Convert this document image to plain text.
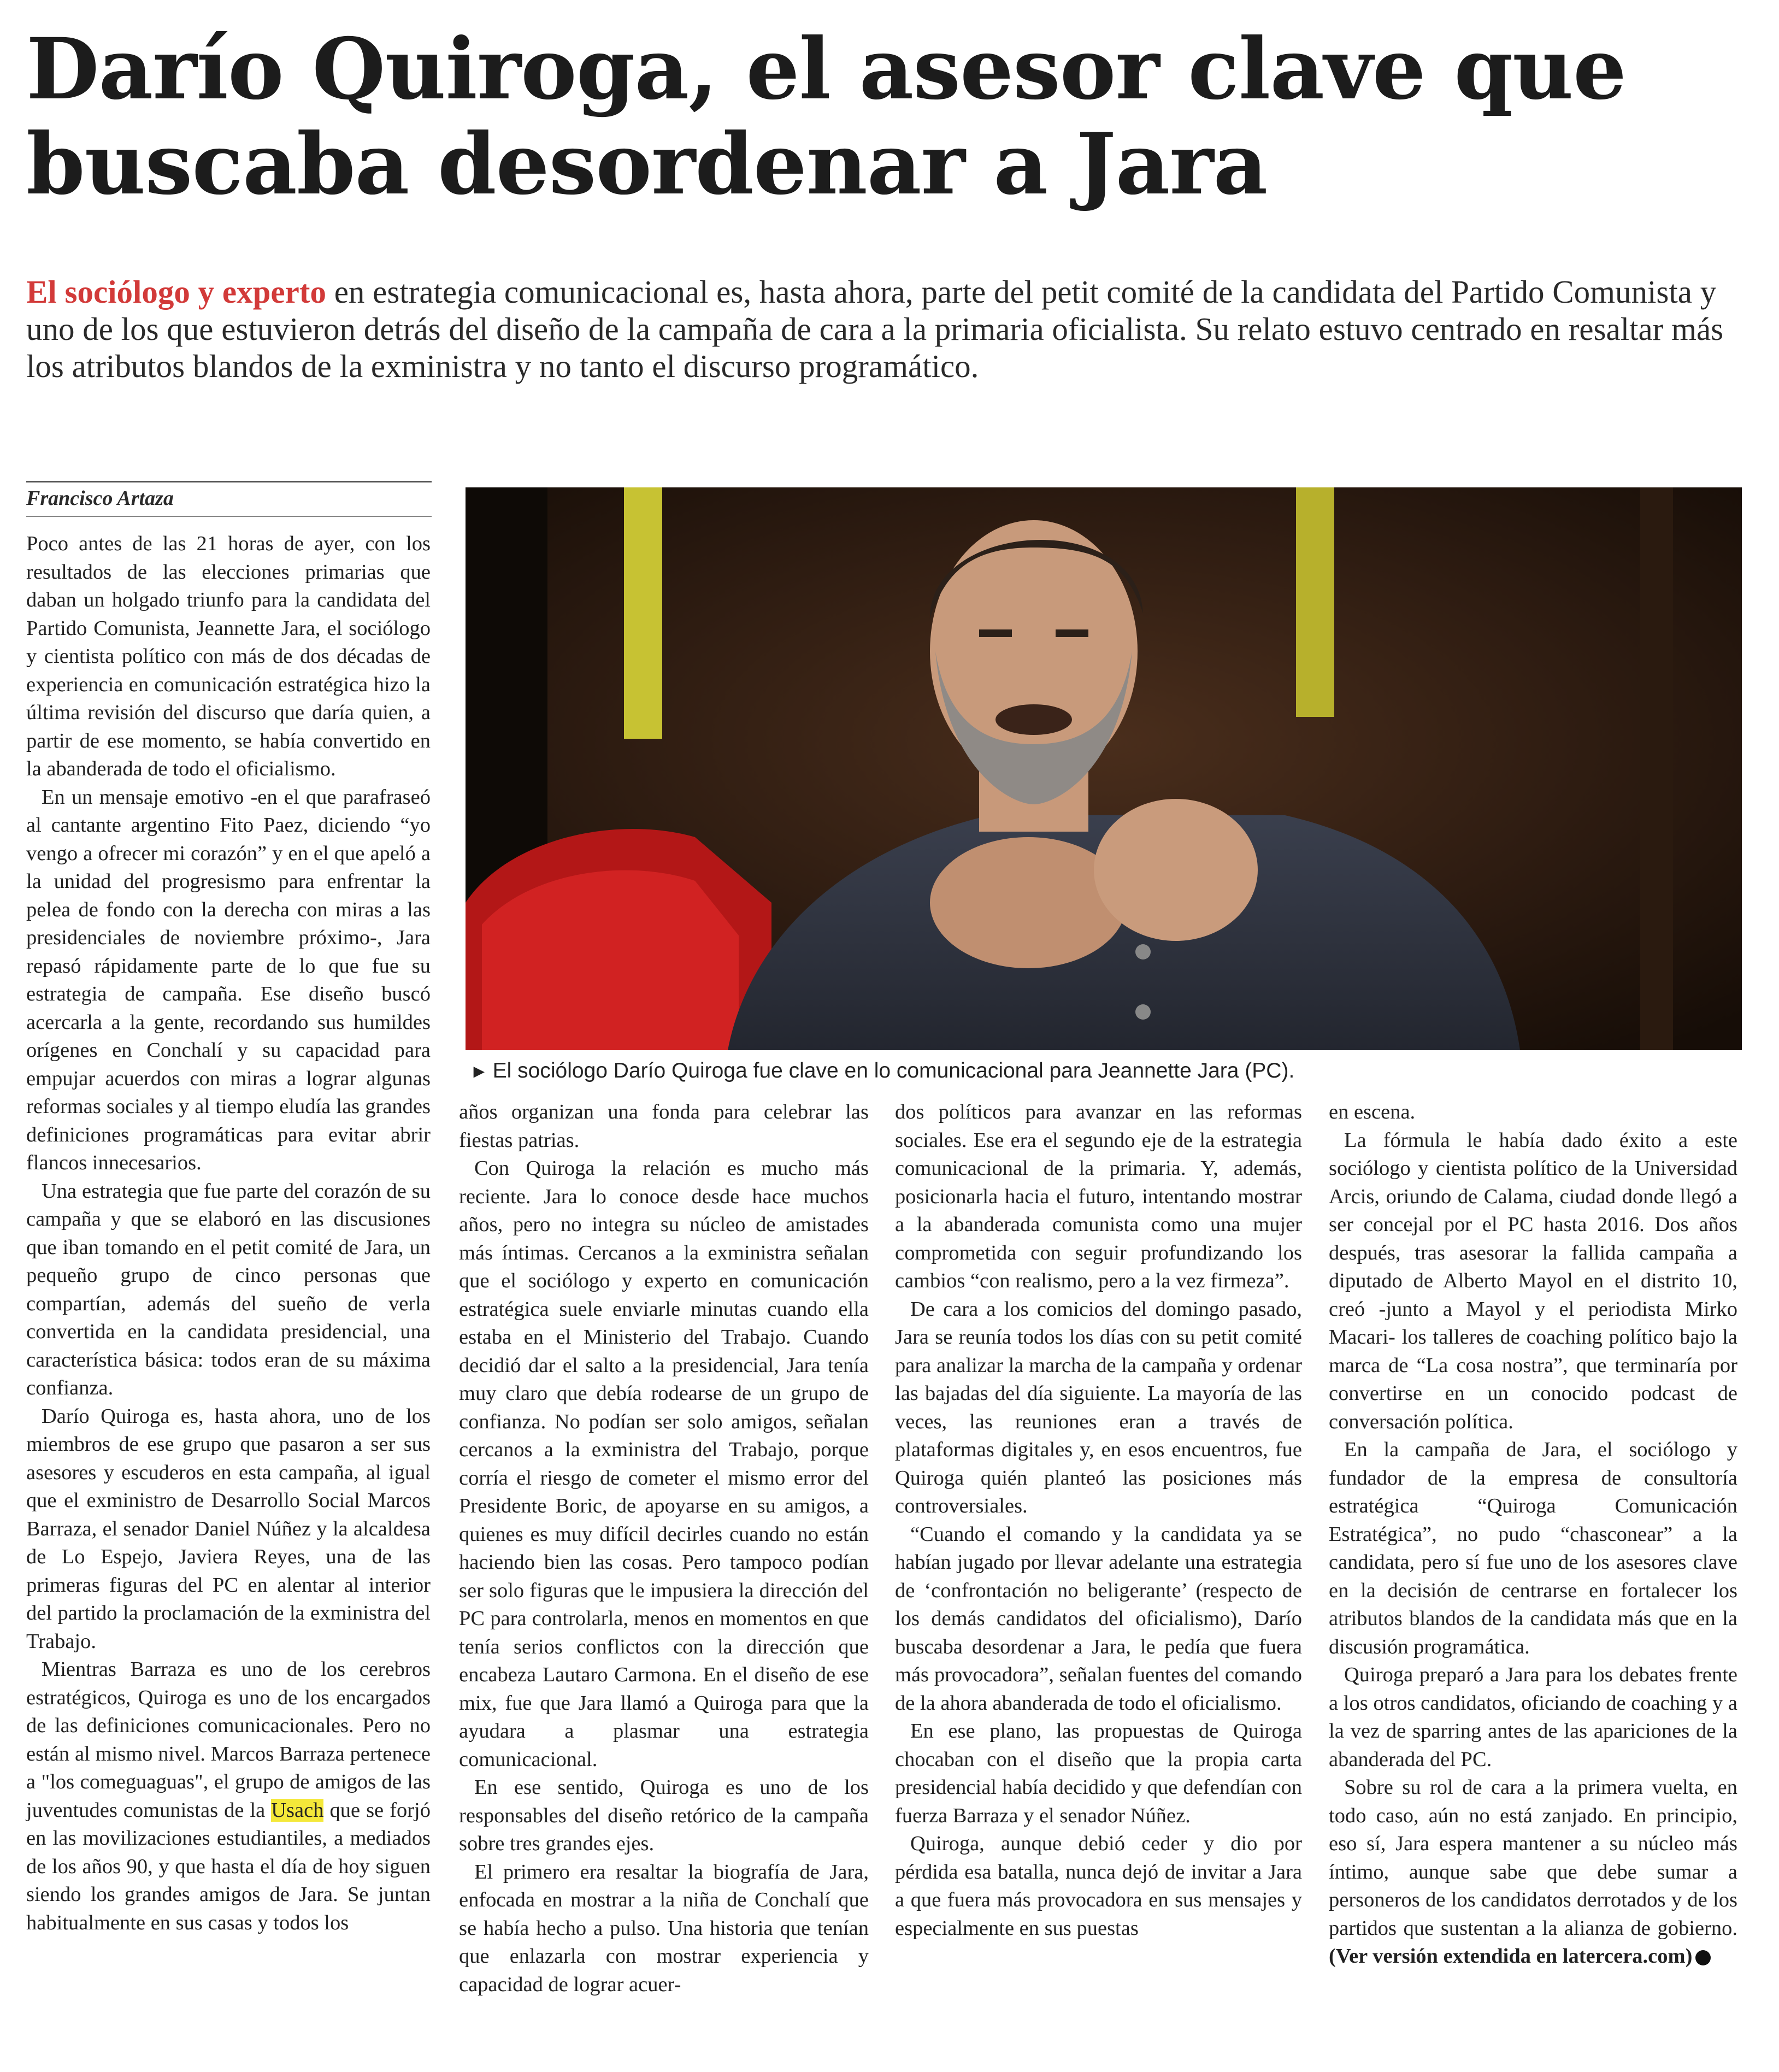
Darío Quiroga, el asesor clave que buscaba desordenar a Jara

El sociólogo y experto en estrategia comunicacional es, hasta ahora, parte del petit comité de la candidata del Partido Comunista y uno de los que estuvieron detrás del diseño de la campaña de cara a la primaria oficialista. Su relato estuvo centrado en resaltar más los atributos blandos de la exministra y no tanto el discurso programático.

Francisco Artaza
► El sociólogo Darío Quiroga fue clave en lo comunicacional para Jeannette Jara (PC).

Poco antes de las 21 horas de ayer, con los resultados de las elecciones primarias que daban un holgado triunfo para la candidata del Partido Comunista, Jeannette Jara, el sociólogo y cientista político con más de dos décadas de experiencia en comunicación estratégica hizo la última revisión del discurso que daría quien, a partir de ese momento, se había convertido en la abanderada de todo el oficialismo.

En un mensaje emotivo -en el que parafraseó al cantante argentino Fito Paez, diciendo “yo vengo a ofrecer mi corazón” y en el que apeló a la unidad del progresismo para enfrentar la pelea de fondo con la derecha con miras a las presidenciales de noviembre próximo-, Jara repasó rápidamente parte de lo que fue su estrategia de campaña. Ese diseño buscó acercarla a la gente, recordando sus humildes orígenes en Conchalí y su capacidad para empujar acuerdos con miras a lograr algunas reformas sociales y al tiempo eludía las grandes definiciones programáticas para evitar abrir flancos innecesarios.

Una estrategia que fue parte del corazón de su campaña y que se elaboró en las discusiones que iban tomando en el petit comité de Jara, un pequeño grupo de cinco personas que compartían, además del sueño de verla convertida en la candidata presidencial, una característica básica: todos eran de su máxima confianza.

Darío Quiroga es, hasta ahora, uno de los miembros de ese grupo que pasaron a ser sus asesores y escuderos en esta campaña, al igual que el exministro de Desarrollo Social Marcos Barraza, el senador Daniel Núñez y la alcaldesa de Lo Espejo, Javiera Reyes, una de las primeras figuras del PC en alentar al interior del partido la proclamación de la exministra del Trabajo.

Mientras Barraza es uno de los cerebros estratégicos, Quiroga es uno de los encargados de las definiciones comunicacionales. Pero no están al mismo nivel. Marcos Barraza pertenece a "los comeguaguas", el grupo de amigos de las juventudes comunistas de la Usach que se forjó en las movilizaciones estudiantiles, a mediados de los años 90, y que hasta el día de hoy siguen siendo los grandes amigos de Jara. Se juntan habitualmente en sus casas y todos los

años organizan una fonda para celebrar las fiestas patrias.

Con Quiroga la relación es mucho más reciente. Jara lo conoce desde hace muchos años, pero no integra su núcleo de amistades más íntimas. Cercanos a la exministra señalan que el sociólogo y experto en comunicación estratégica suele enviarle minutas cuando ella estaba en el Ministerio del Trabajo. Cuando decidió dar el salto a la presidencial, Jara tenía muy claro que debía rodearse de un grupo de confianza. No podían ser solo amigos, señalan cercanos a la exministra del Trabajo, porque corría el riesgo de cometer el mismo error del Presidente Boric, de apoyarse en su amigos, a quienes es muy difícil decirles cuando no están haciendo bien las cosas. Pero tampoco podían ser solo figuras que le impusiera la dirección del PC para controlarla, menos en momentos en que tenía serios conflictos con la dirección que encabeza Lautaro Carmona. En el diseño de ese mix, fue que Jara llamó a Quiroga para que la ayudara a plasmar una estrategia comunicacional.

En ese sentido, Quiroga es uno de los responsables del diseño retórico de la campaña sobre tres grandes ejes.

El primero era resaltar la biografía de Jara, enfocada en mostrar a la niña de Conchalí que se había hecho a pulso. Una historia que tenían que enlazarla con mostrar experiencia y capacidad de lograr acuer-

dos políticos para avanzar en las reformas sociales. Ese era el segundo eje de la estrategia comunicacional de la primaria. Y, además, posicionarla hacia el futuro, intentando mostrar a la abanderada comunista como una mujer comprometida con seguir profundizando los cambios “con realismo, pero a la vez firmeza”.

De cara a los comicios del domingo pasado, Jara se reunía todos los días con su petit comité para analizar la marcha de la campaña y ordenar las bajadas del día siguiente. La mayoría de las veces, las reuniones eran a través de plataformas digitales y, en esos encuentros, fue Quiroga quién planteó las posiciones más controversiales.

“Cuando el comando y la candidata ya se habían jugado por llevar adelante una estrategia de ‘confrontación no beligerante’ (respecto de los demás candidatos del oficialismo), Darío buscaba desordenar a Jara, le pedía que fuera más provocadora”, señalan fuentes del comando de la ahora abanderada de todo el oficialismo.

En ese plano, las propuestas de Quiroga chocaban con el diseño que la propia carta presidencial había decidido y que defendían con fuerza Barraza y el senador Núñez.

Quiroga, aunque debió ceder y dio por pérdida esa batalla, nunca dejó de invitar a Jara a que fuera más provocadora en sus mensajes y especialmente en sus puestas

en escena.

La fórmula le había dado éxito a este sociólogo y cientista político de la Universidad Arcis, oriundo de Calama, ciudad donde llegó a ser concejal por el PC hasta 2016. Dos años después, tras asesorar la fallida campaña a diputado de Alberto Mayol en el distrito 10, creó -junto a Mayol y el periodista Mirko Macari- los talleres de coaching político bajo la marca de “La cosa nostra”, que terminaría por convertirse en un conocido podcast de conversación política.

En la campaña de Jara, el sociólogo y fundador de la empresa de consultoría estratégica “Quiroga Comunicación Estratégica”, no pudo “chasconear” a la candidata, pero sí fue uno de los asesores clave en la decisión de centrarse en fortalecer los atributos blandos de la candidata más que en la discusión programática.

Quiroga preparó a Jara para los debates frente a los otros candidatos, oficiando de coaching y a la vez de sparring antes de las apariciones de la abanderada del PC.

Sobre su rol de cara a la primera vuelta, en todo caso, aún no está zanjado. En principio, eso sí, Jara espera mantener a su núcleo más íntimo, aunque sabe que debe sumar a personeros de los candidatos derrotados y de los partidos que sustentan a la alianza de gobierno.(Ver versión extendida en latercera.com)
